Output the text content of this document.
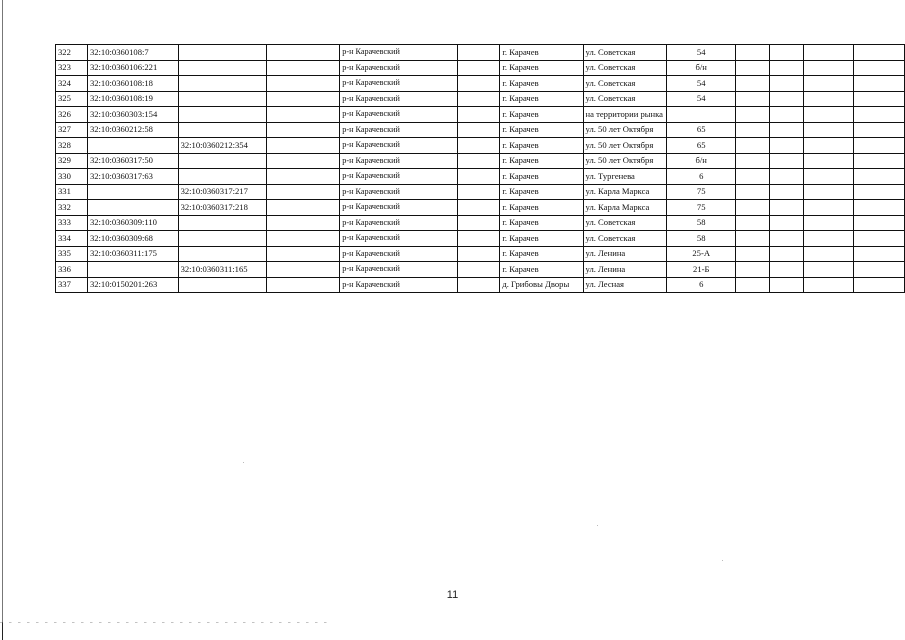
322	32:10:0360108:7			р-н Карачевский		г. Карачев	ул. Советская	54				
323	32:10:0360106:221			р-н Карачевский		г. Карачев	ул. Советская	б/н				
324	32:10:0360108:18			р-н Карачевский		г. Карачев	ул. Советская	54				
325	32:10:0360108:19			р-н Карачевский		г. Карачев	ул. Советская	54				
326	32:10:0360303:154			р-н Карачевский		г. Карачев	на территории рынка					
327	32:10:0360212:58			р-н Карачевский		г. Карачев	ул. 50 лет Октября	65				
328		32:10:0360212:354		р-н Карачевский		г. Карачев	ул. 50 лет Октября	65				
329	32:10:0360317:50			р-н Карачевский		г. Карачев	ул. 50 лет Октября	б/н				
330	32:10:0360317:63			р-н Карачевский		г. Карачев	ул. Тургенева	6				
331		32:10:0360317:217		р-н Карачевский		г. Карачев	ул. Карла Маркса	75				
332		32:10:0360317:218		р-н Карачевский		г. Карачев	ул. Карла Маркса	75				
333	32:10:0360309:110			р-н Карачевский		г. Карачев	ул. Советская	58				
334	32:10:0360309:68			р-н Карачевский		г. Карачев	ул. Советская	58				
335	32:10:0360311:175			р-н Карачевский		г. Карачев	ул. Ленина	25-А				
336		32:10:0360311:165		р-н Карачевский		г. Карачев	ул. Ленина	21-Б				
337	32:10:0150201:263			р-н Карачевский		д. Грибовы Дворы	ул. Лесная	6				
11
